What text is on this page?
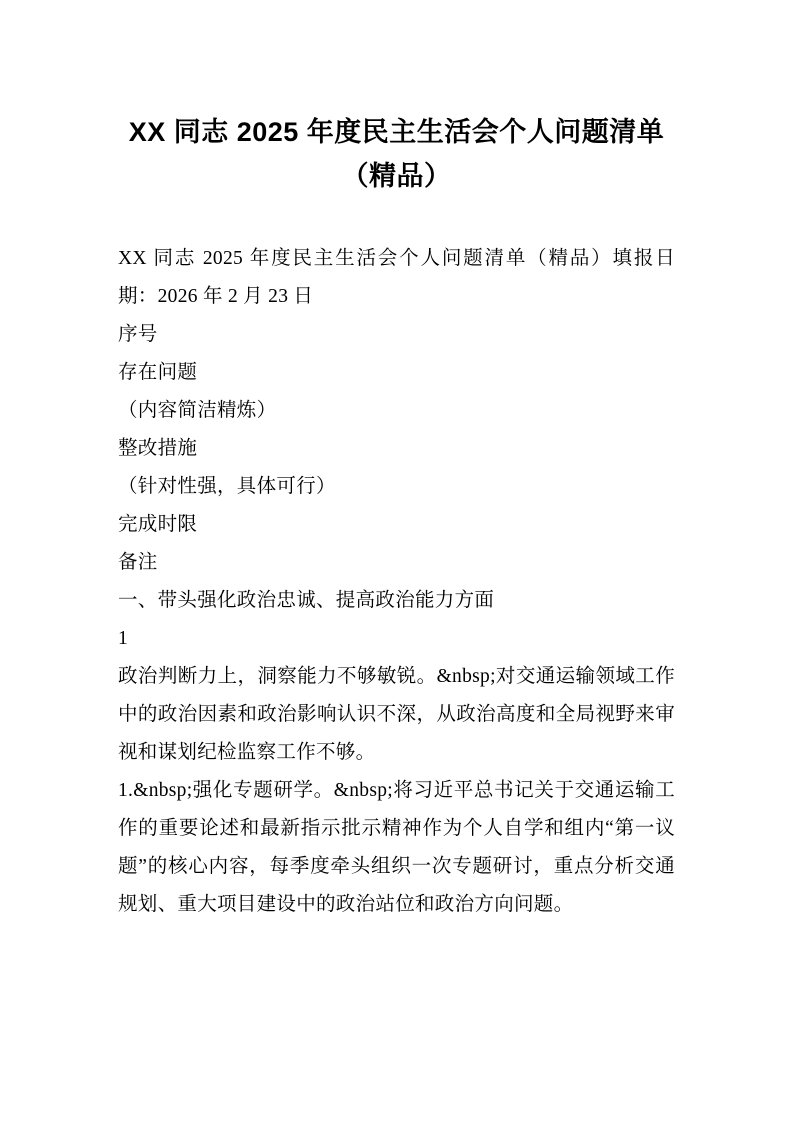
XX 同志 2025 年度民主生活会个人问题清单（精品）

XX 同志 2025 年度民主生活会个人问题清单（精品）填报日期：2026 年 2 月 23 日

序号

存在问题

（内容简洁精炼）

整改措施

（针对性强，具体可行）

完成时限

备注

一、带头强化政治忠诚、提高政治能力方面

1

政治判断力上，洞察能力不够敏锐。&nbsp;对交通运输领域工作中的政治因素和政治影响认识不深，从政治高度和全局视野来审视和谋划纪检监察工作不够。

1.&nbsp;强化专题研学。&nbsp;将习近平总书记关于交通运输工作的重要论述和最新指示批示精神作为个人自学和组内“第一议题”的核心内容，每季度牵头组织一次专题研讨，重点分析交通规划、重大项目建设中的政治站位和政治方向问题。
